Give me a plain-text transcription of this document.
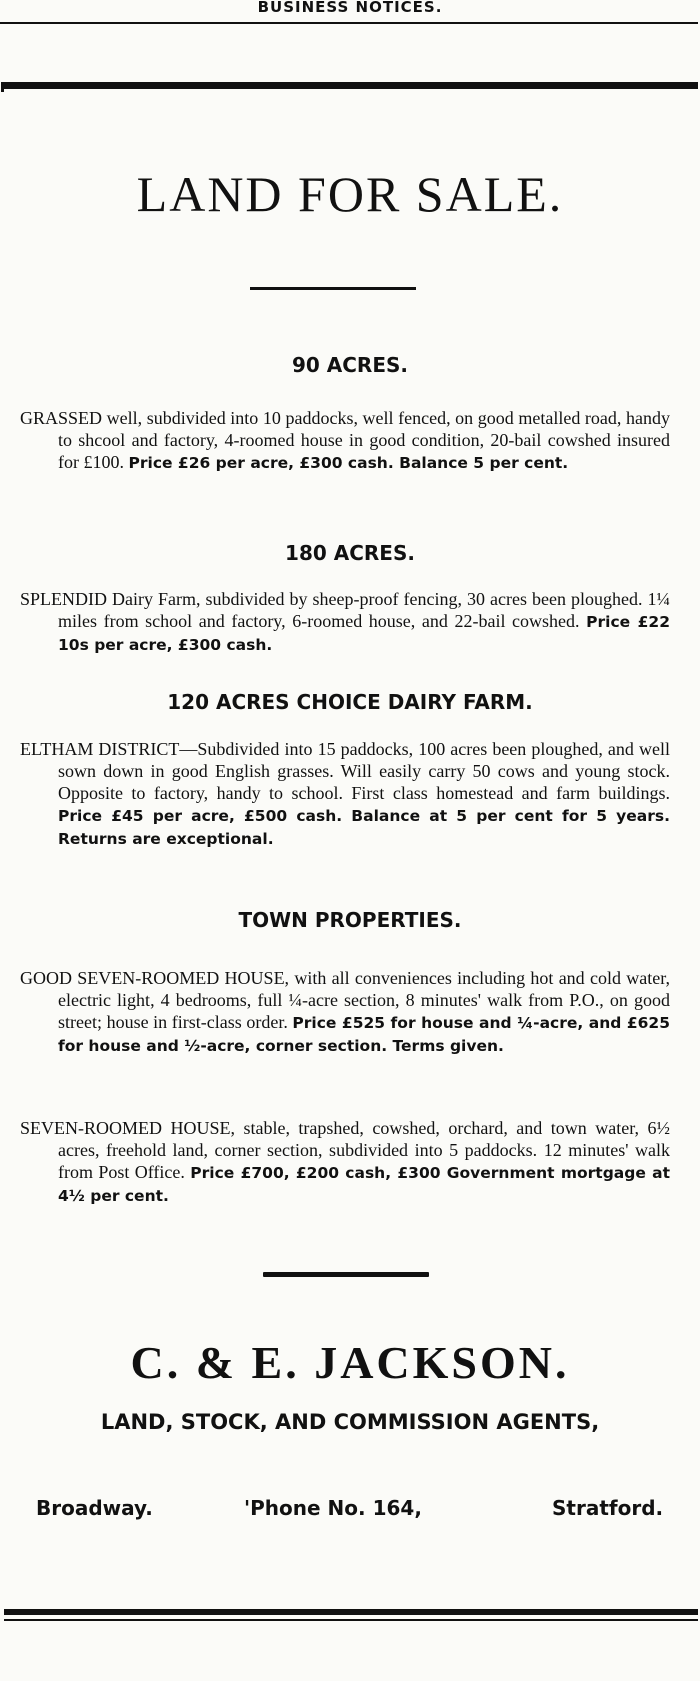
BUSINESS NOTICES.
LAND FOR SALE.
90 ACRES.
GRASSED well, subdivided into 10 paddocks, well fenced, on good metalled road, handy to shcool and factory, 4-roomed house in good condition, 20-bail cowshed insured for £100. Price £26 per acre, £300 cash. Balance 5 per cent.
180 ACRES.
SPLENDID Dairy Farm, subdivided by sheep-proof fencing, 30 acres been ploughed. 1¼ miles from school and factory, 6-roomed house, and 22-bail cowshed. Price £22 10s per acre, £300 cash.
120 ACRES CHOICE DAIRY FARM.
ELTHAM DISTRICT—Subdivided into 15 paddocks, 100 acres been ploughed, and well sown down in good English grasses. Will easily carry 50 cows and young stock. Opposite to factory, handy to school. First class homestead and farm buildings. Price £45 per acre, £500 cash. Balance at 5 per cent for 5 years. Returns are exceptional.
TOWN PROPERTIES.
GOOD SEVEN-ROOMED HOUSE, with all conveniences including hot and cold water, electric light, 4 bedrooms, full ¼-acre section, 8 minutes' walk from P.O., on good street; house in first-class order. Price £525 for house and ¼-acre, and £625 for house and ½-acre, corner section. Terms given.
SEVEN-ROOMED HOUSE, stable, trapshed, cowshed, orchard, and town water, 6½ acres, freehold land, corner section, subdivided into 5 paddocks. 12 minutes' walk from Post Office. Price £700, £200 cash, £300 Government mortgage at 4½ per cent.
C. & E. JACKSON.
LAND, STOCK, AND COMMISSION AGENTS,
Broadway.	'Phone No. 164,	Stratford.
